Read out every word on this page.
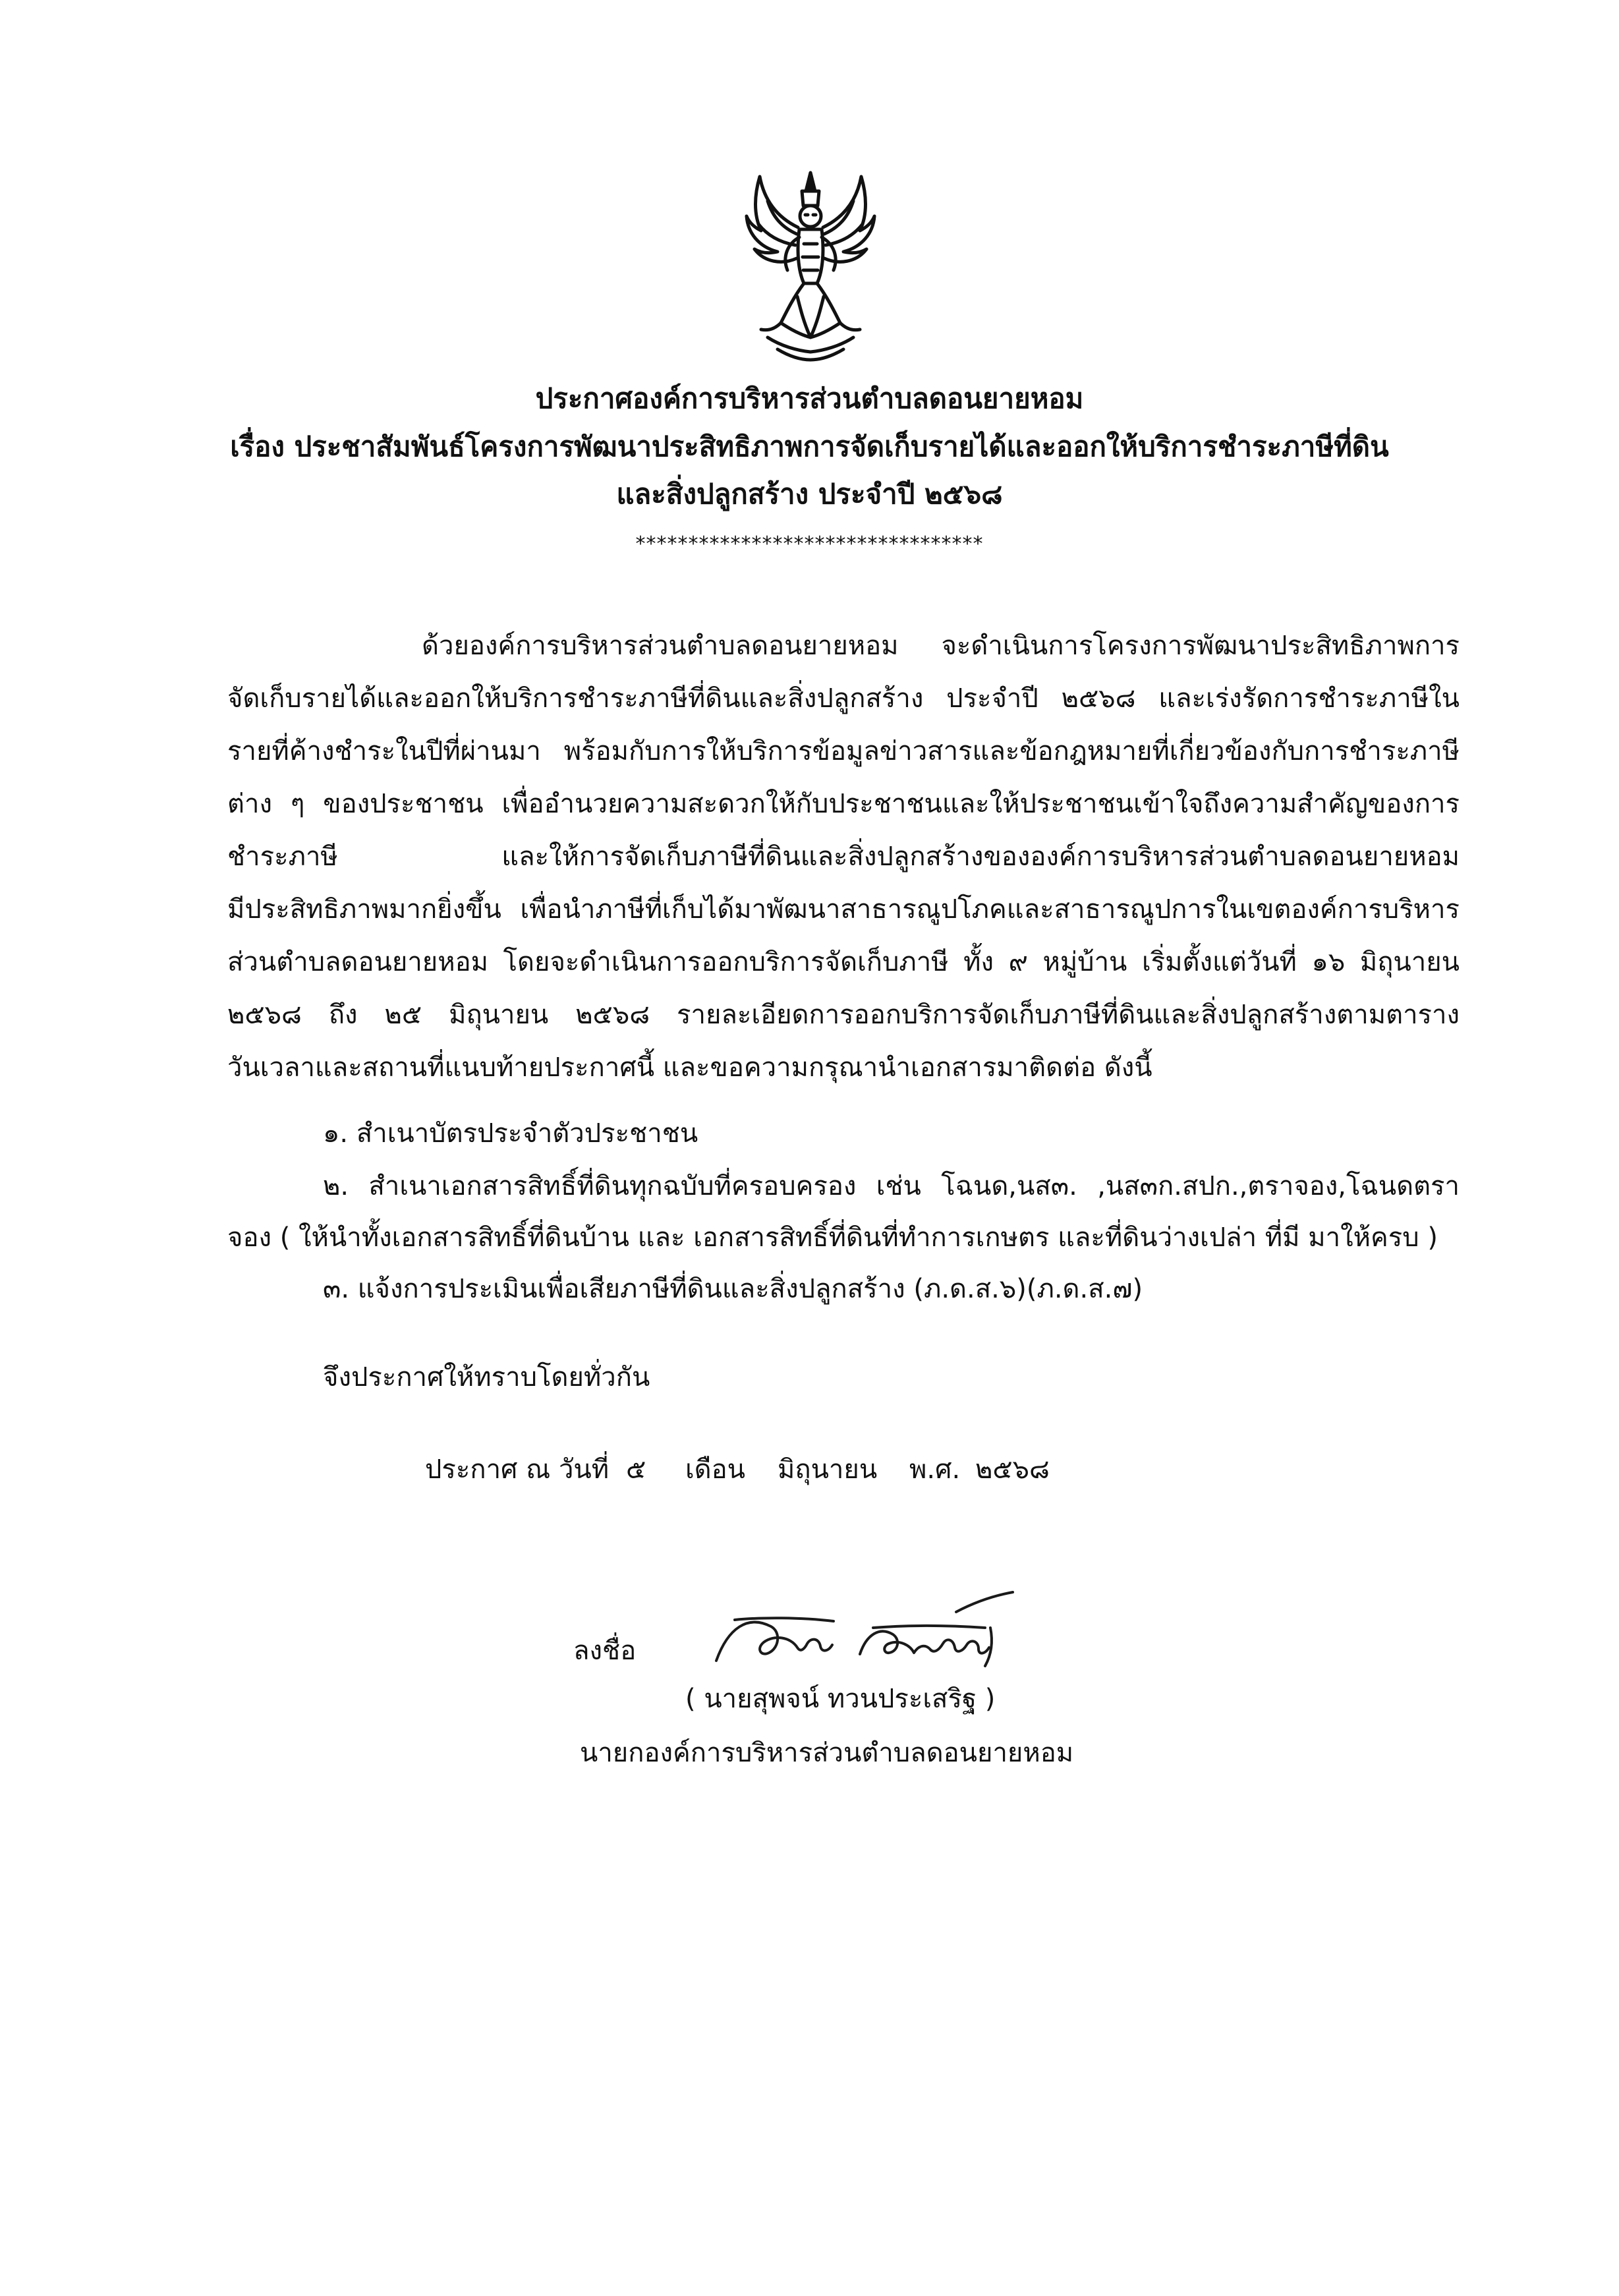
ประกาศองค์การบริหารส่วนตำบลดอนยายหอม
เรื่อง ประชาสัมพันธ์โครงการพัฒนาประสิทธิภาพการจัดเก็บรายได้และออกให้บริการชำระภาษีที่ดิน
และสิ่งปลูกสร้าง ประจำปี ๒๕๖๘
*********************************
ด้วยองค์การบริหารส่วนตำบลดอนยายหอม จะดำเนินการโครงการพัฒนาประสิทธิภาพการ
จัดเก็บรายได้และออกให้บริการชำระภาษีที่ดินและสิ่งปลูกสร้าง ประจำปี ๒๕๖๘ และเร่งรัดการชำระภาษีใน
รายที่ค้างชำระในปีที่ผ่านมา พร้อมกับการให้บริการข้อมูลข่าวสารและข้อกฎหมายที่เกี่ยวข้องกับการชำระภาษี
ต่าง ๆ ของประชาชน เพื่ออำนวยความสะดวกให้กับประชาชนและให้ประชาชนเข้าใจถึงความสำคัญของการ
ชำระภาษี และให้การจัดเก็บภาษีที่ดินและสิ่งปลูกสร้างขององค์การบริหารส่วนตำบลดอนยายหอม
มีประสิทธิภาพมากยิ่งขึ้น เพื่อนำภาษีที่เก็บได้มาพัฒนาสาธารณูปโภคและสาธารณูปการในเขตองค์การบริหาร
ส่วนตำบลดอนยายหอม โดยจะดำเนินการออกบริการจัดเก็บภาษี ทั้ง ๙ หมู่บ้าน เริ่มตั้งแต่วันที่ ๑๖ มิถุนายน
๒๕๖๘ ถึง ๒๕ มิถุนายน ๒๕๖๘ รายละเอียดการออกบริการจัดเก็บภาษีที่ดินและสิ่งปลูกสร้างตามตาราง
วันเวลาและสถานที่แนบท้ายประกาศนี้ และขอความกรุณานำเอกสารมาติดต่อ ดังนี้
๑. สำเนาบัตรประจำตัวประชาชน
๒. สำเนาเอกสารสิทธิ์ที่ดินทุกฉบับที่ครอบครอง เช่น โฉนด,นส๓. ,นส๓ก.สปก.,ตราจอง,โฉนดตรา
จอง ( ให้นำทั้งเอกสารสิทธิ์ที่ดินบ้าน และ เอกสารสิทธิ์ที่ดินที่ทำการเกษตร และที่ดินว่างเปล่า ที่มี มาให้ครบ )
๓. แจ้งการประเมินเพื่อเสียภาษีที่ดินและสิ่งปลูกสร้าง (ภ.ด.ส.๖)(ภ.ด.ส.๗)
จึงประกาศให้ทราบโดยทั่วกัน
ประกาศ ณ วันที่ ๕ เดือน มิถุนายน พ.ศ. ๒๕๖๘
ลงชื่อ
( นายสุพจน์ ทวนประเสริฐ )
นายกองค์การบริหารส่วนตำบลดอนยายหอม
